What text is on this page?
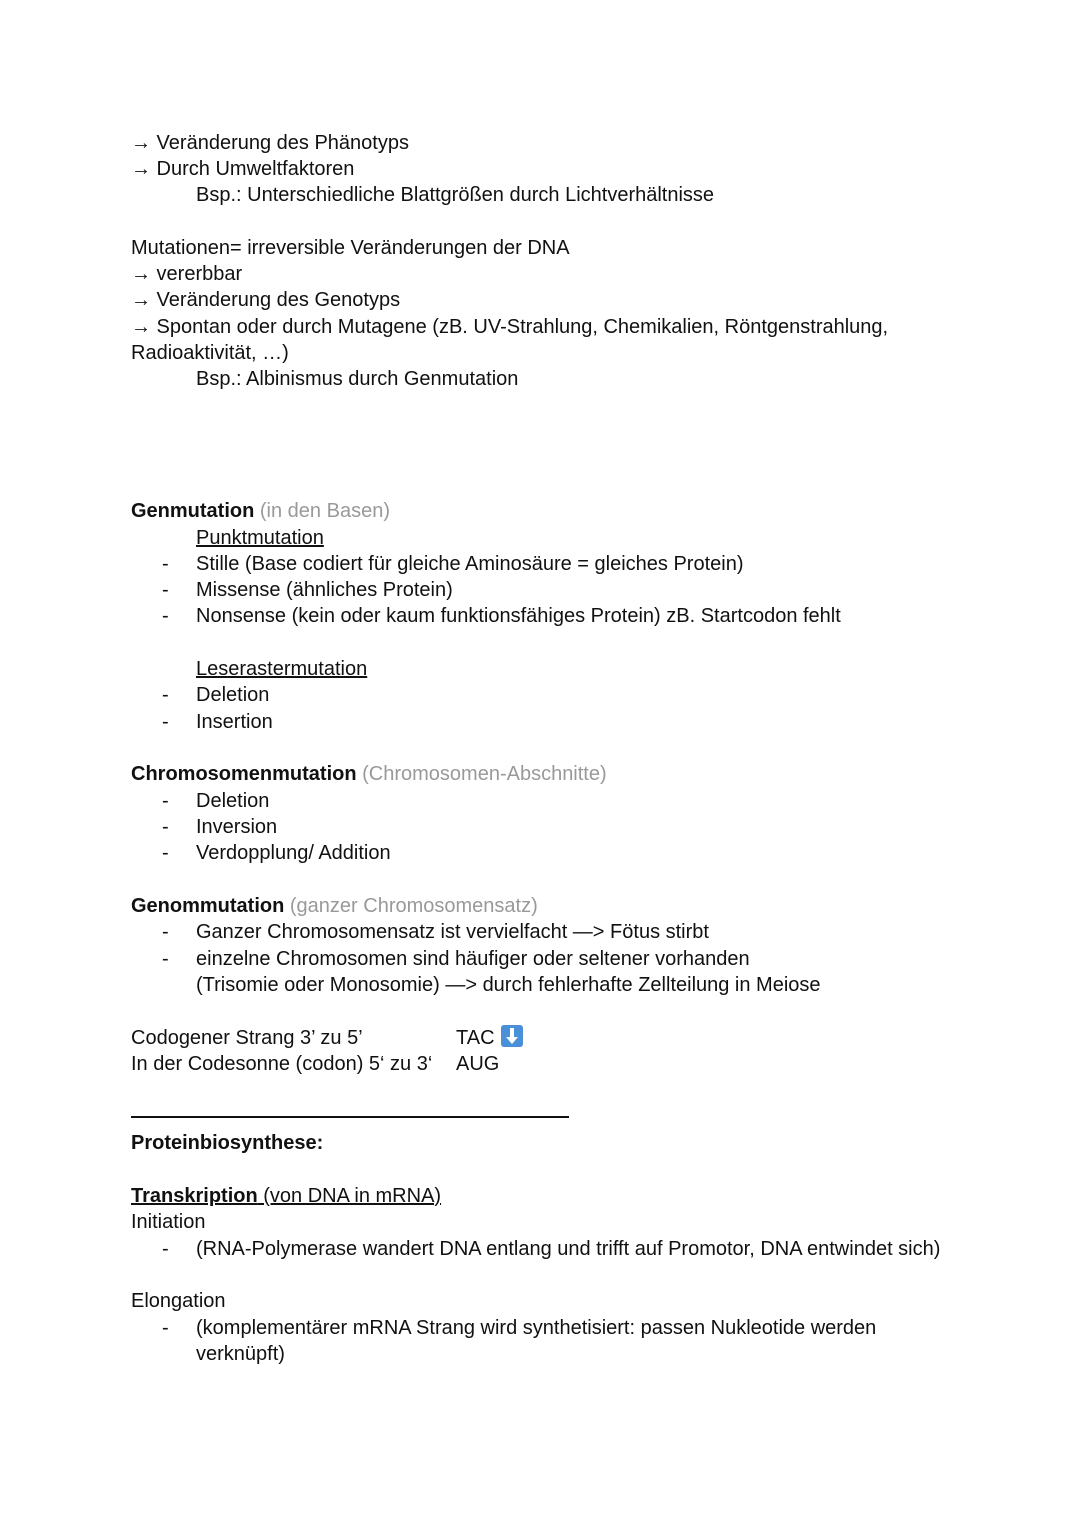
→ Veränderung des Phänotyps
→ Durch Umweltfaktoren
Bsp.: Unterschiedliche Blattgrößen durch Lichtverhältnisse
Mutationen= irreversible Veränderungen der DNA
→ vererbbar
→ Veränderung des Genotyps
→ Spontan oder durch Mutagene (zB. UV-Strahlung, Chemikalien, Röntgenstrahlung,
Radioaktivität, …)
Bsp.: Albinismus durch Genmutation
Genmutation (in den Basen)
Punktmutation
- Stille (Base codiert für gleiche Aminosäure = gleiches Protein)
- Missense (ähnliches Protein)
- Nonsense (kein oder kaum funktionsfähiges Protein) zB. Startcodon fehlt
Leserastermutation
- Deletion
- Insertion
Chromosomenmutation (Chromosomen-Abschnitte)
- Deletion
- Inversion
- Verdopplung/ Addition
Genommutation (ganzer Chromosomensatz)
- Ganzer Chromosomensatz ist vervielfacht —> Fötus stirbt
- einzelne Chromosomen sind häufiger oder seltener vorhanden
(Trisomie oder Monosomie) —> durch fehlerhafte Zellteilung in Meiose
Codogener Strang 3’ zu 5’	TAC
In der Codesonne (codon) 5‘ zu 3‘ AUG
Proteinbiosynthese:
Transkription (von DNA in mRNA)
Initiation
- (RNA-Polymerase wandert DNA entlang und trifft auf Promotor, DNA entwindet sich)
Elongation
- (komplementärer mRNA Strang wird synthetisiert: passen Nukleotide werden
verknüpft)
